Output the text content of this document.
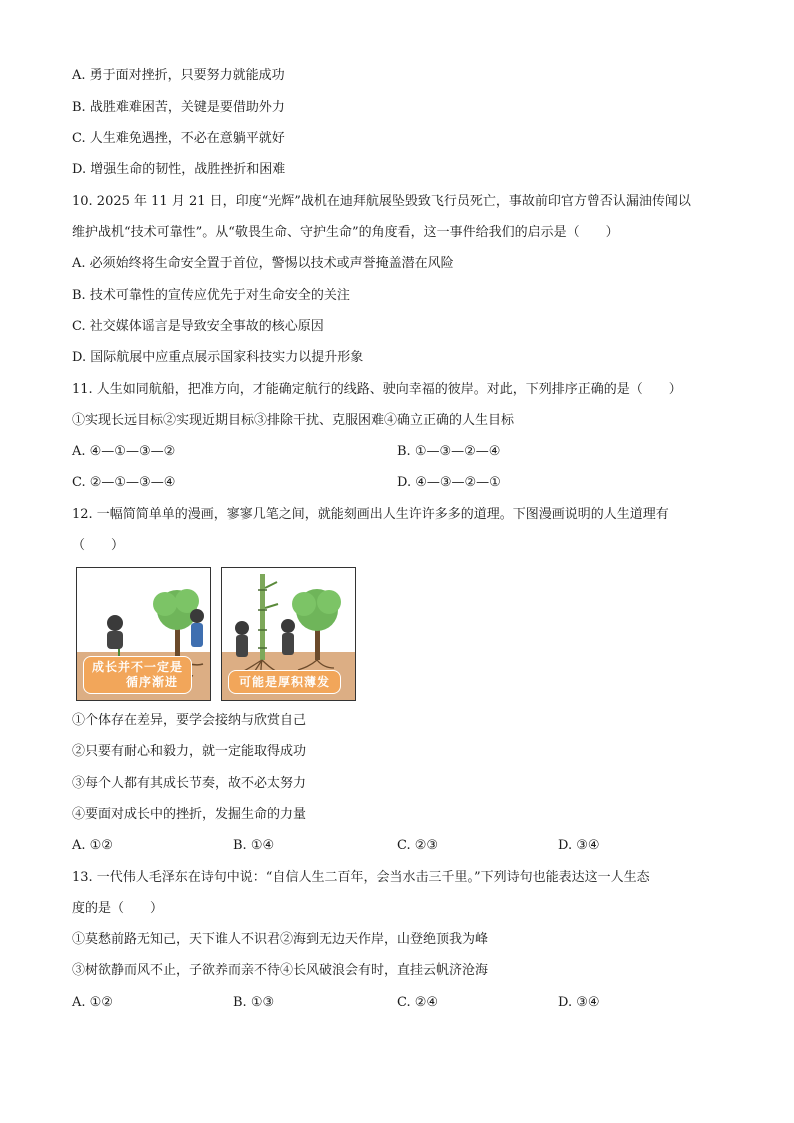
A. 勇于面对挫折，只要努力就能成功
B. 战胜难难困苦，关键是要借助外力
C. 人生难免遇挫，不必在意躺平就好
D. 增强生命的韧性，战胜挫折和困难
10. 2025 年 11 月 21 日，印度“光辉”战机在迪拜航展坠毁致飞行员死亡，事故前印官方曾否认漏油传闻以
维护战机“技术可靠性”。从“敬畏生命、守护生命”的角度看，这一事件给我们的启示是（　　）
A. 必须始终将生命安全置于首位，警惕以技术或声誉掩盖潜在风险
B. 技术可靠性的宣传应优先于对生命安全的关注
C. 社交媒体谣言是导致安全事故的核心原因
D. 国际航展中应重点展示国家科技实力以提升形象
11. 人生如同航船，把准方向，才能确定航行的线路、驶向幸福的彼岸。对此，下列排序正确的是（　　）
①实现长远目标②实现近期目标③排除干扰、克服困难④确立正确的人生目标
A. ④—①—③—②	B. ①—③—②—④
C. ②—①—③—④	D. ④—③—②—①
12. 一幅简简单单的漫画，寥寥几笔之间，就能刻画出人生许许多多的道理。下图漫画说明的人生道理有
（　　）
成长并不一定是
循序渐进	可能是厚积薄发
①个体存在差异，要学会接纳与欣赏自己
②只要有耐心和毅力，就一定能取得成功
③每个人都有其成长节奏，故不必太努力
④要面对成长中的挫折，发掘生命的力量
A. ①②	B. ①④	C. ②③	D. ③④
13. 一代伟人毛泽东在诗句中说：“自信人生二百年，会当水击三千里。”下列诗句也能表达这一人生态
度的是（　　）
①莫愁前路无知己，天下谁人不识君②海到无边天作岸，山登绝顶我为峰
③树欲静而风不止，子欲养而亲不待④长风破浪会有时，直挂云帆济沧海
A. ①②	B. ①③	C. ②④	D. ③④
